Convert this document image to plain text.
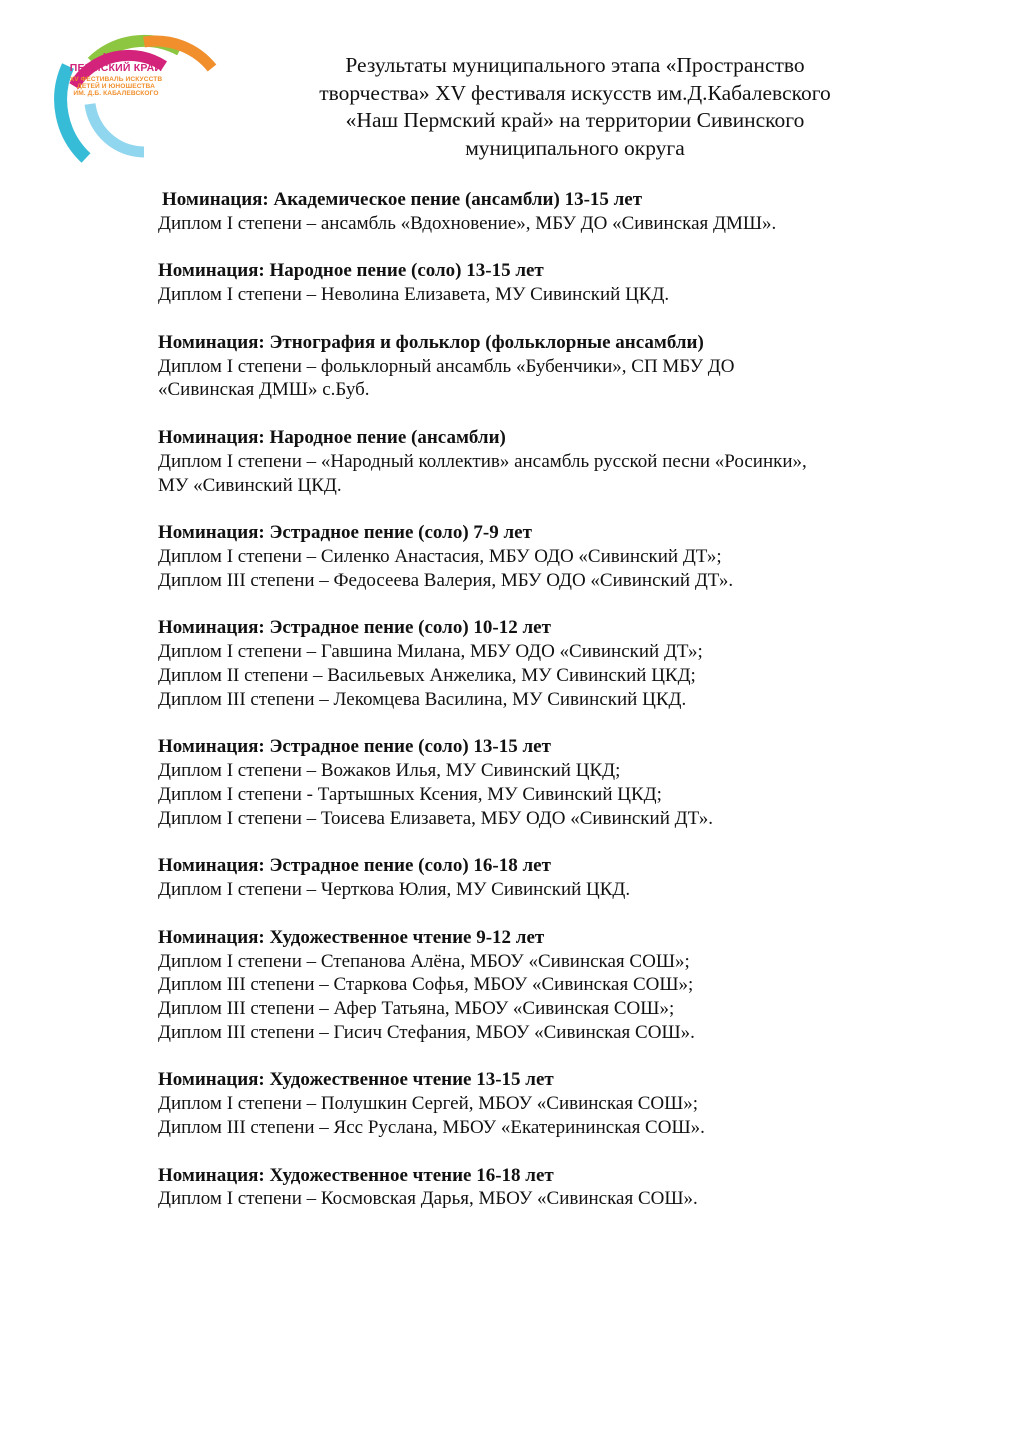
НАШ
ПЕРМСКИЙ КРАЙ
XV ФЕСТИВАЛЬ ИСКУССТВ
ДЕТЕЙ И ЮНОШЕСТВА
ИМ. Д.Б. КАБАЛЕВСКОГО
Результаты муниципального этапа «Пространство
творчества» XV фестиваля искусств им.Д.Кабалевского
«Наш Пермский край» на территории Сивинского
муниципального округа
Номинация: Академическое пение (ансамбли) 13-15 лет
Диплом I степени – ансамбль «Вдохновение», МБУ ДО «Сивинская ДМШ».
Номинация: Народное пение (соло) 13-15 лет
Диплом I степени – Неволина Елизавета, МУ Сивинский ЦКД.
Номинация: Этнография и фольклор (фольклорные ансамбли)
Диплом I степени – фольклорный ансамбль «Бубенчики», СП МБУ ДО
«Сивинская ДМШ» с.Буб.
Номинация: Народное пение (ансамбли)
Диплом I степени – «Народный коллектив» ансамбль русской песни «Росинки»,
МУ «Сивинский ЦКД.
Номинация: Эстрадное пение (соло) 7-9 лет
Диплом I степени – Силенко Анастасия, МБУ ОДО «Сивинский ДТ»;
Диплом III степени – Федосеева Валерия, МБУ ОДО «Сивинский ДТ».
Номинация: Эстрадное пение (соло) 10-12 лет
Диплом I степени – Гавшина Милана, МБУ ОДО «Сивинский ДТ»;
Диплом II степени – Васильевых Анжелика, МУ Сивинский ЦКД;
Диплом III степени – Лекомцева Василина, МУ Сивинский ЦКД.
Номинация: Эстрадное пение (соло) 13-15 лет
Диплом I степени – Вожаков Илья, МУ Сивинский ЦКД;
Диплом I степени - Тартышных Ксения, МУ Сивинский ЦКД;
Диплом I степени – Тоисева Елизавета, МБУ ОДО «Сивинский ДТ».
Номинация: Эстрадное пение (соло) 16-18 лет
Диплом I степени – Черткова Юлия, МУ Сивинский ЦКД.
Номинация: Художественное чтение 9-12 лет
Диплом I степени – Степанова Алёна, МБОУ «Сивинская СОШ»;
Диплом III степени – Старкова Софья, МБОУ «Сивинская СОШ»;
Диплом III степени – Афер Татьяна, МБОУ «Сивинская СОШ»;
Диплом III степени – Гисич Стефания, МБОУ «Сивинская СОШ».
Номинация: Художественное чтение 13-15 лет
Диплом I степени – Полушкин Сергей, МБОУ «Сивинская СОШ»;
Диплом III степени – Ясс Руслана, МБОУ «Екатерининская СОШ».
Номинация: Художественное чтение 16-18 лет
Диплом I степени – Космовская Дарья, МБОУ «Сивинская СОШ».
